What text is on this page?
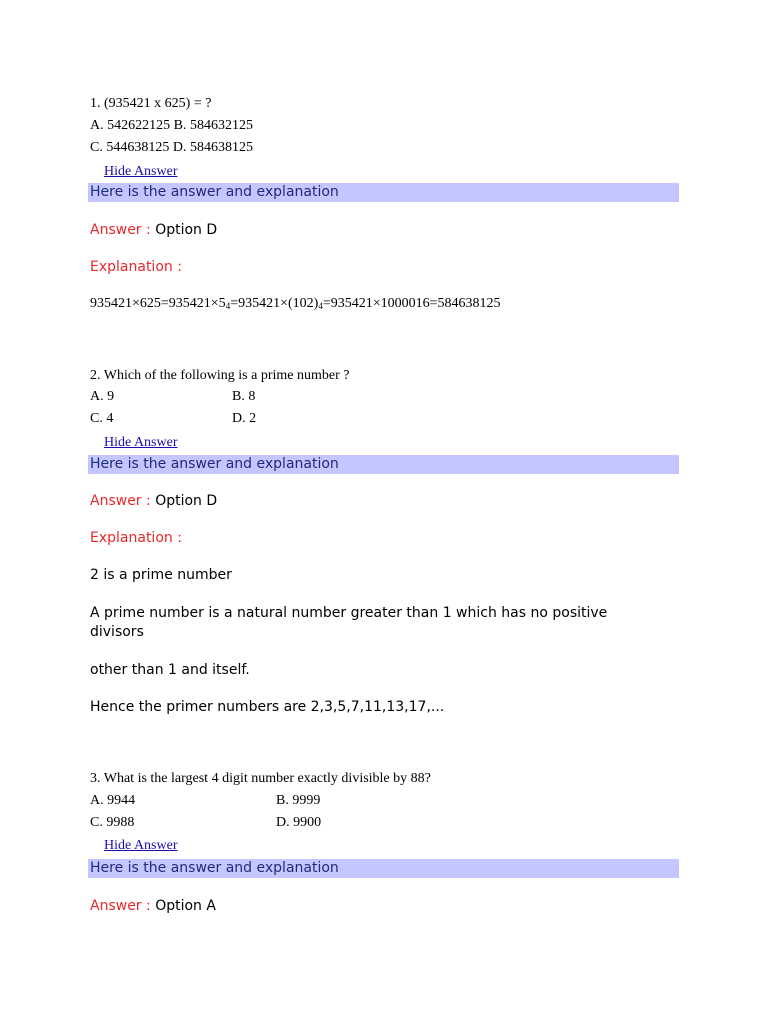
1. (935421 x 625) = ?
A. 542622125 B. 584632125
C. 544638125 D. 584638125
Hide Answer
Here is the answer and explanation
Answer : Option D
Explanation :
$935421\times 625=935421\times 5_4=935421\times(102)_4=935421\times 1000016=584638125$
2. Which of the following is a prime number ?
A. 9	B. 8
C. 4	D. 2
Hide Answer
Here is the answer and explanation
Answer : Option D
Explanation :
2 is a prime number
A prime number is a natural number greater than 1 which has no positive
divisors
other than 1 and itself.
Hence the primer numbers are 2,3,5,7,11,13,17,...
3. What is the largest 4 digit number exactly divisible by 88?
A. 9944	B. 9999
C. 9988	D. 9900
Hide Answer
Here is the answer and explanation
Answer : Option A
